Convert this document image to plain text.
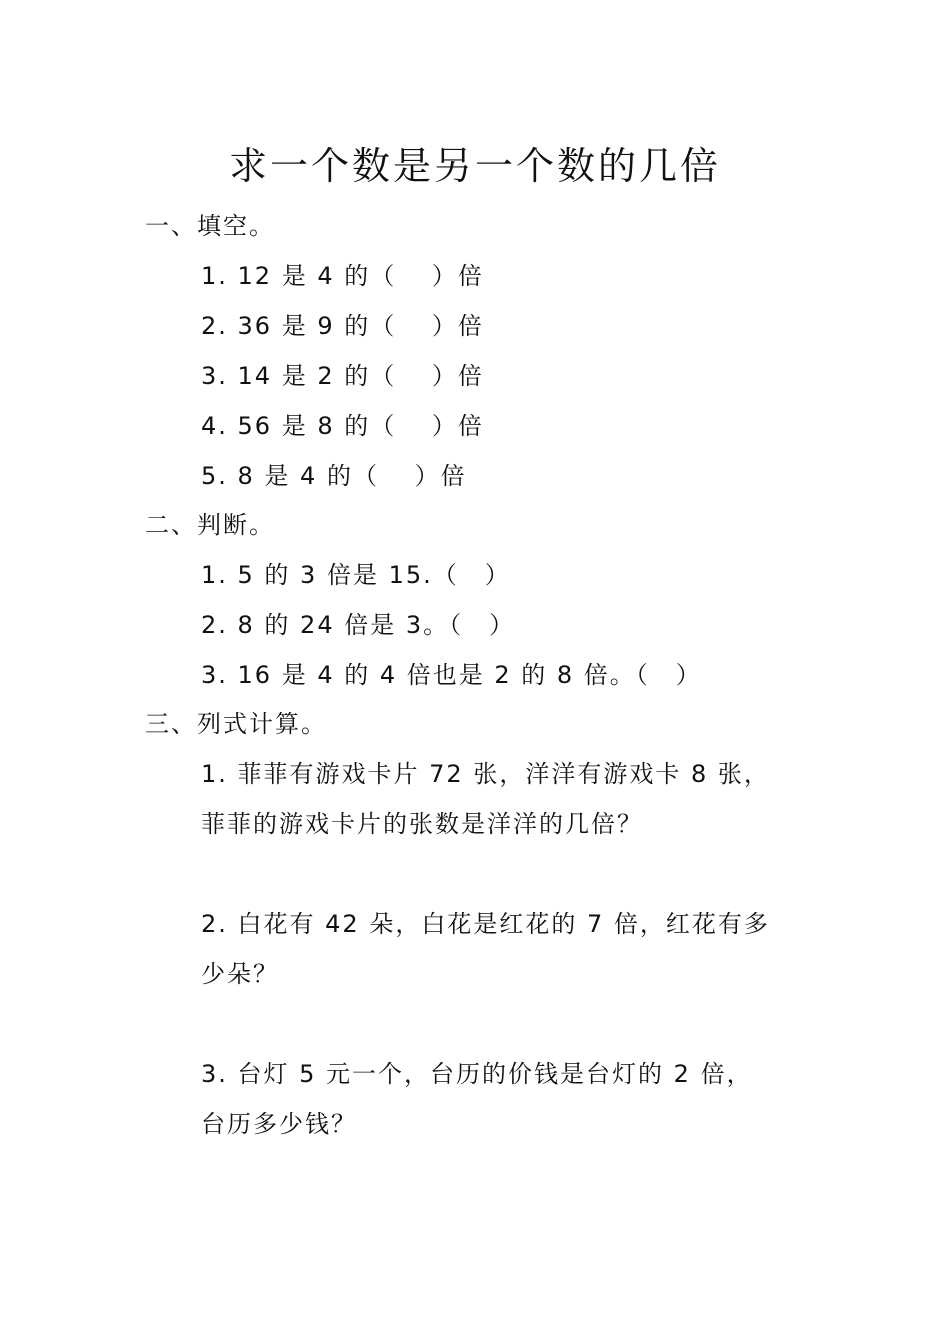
求一个数是另一个数的几倍
一、填空。
1. 12 是 4 的（　 ）倍
2. 36 是 9 的（　 ）倍
3. 14 是 2 的（　 ）倍
4. 56 是 8 的（　 ）倍
5. 8 是 4 的（　 ）倍
二、判断。
1. 5 的 3 倍是 15.（　）
2. 8 的 24 倍是 3。（　）
3. 16 是 4 的 4 倍也是 2 的 8 倍。（　）
三、列式计算。
1. 菲菲有游戏卡片 72 张，洋洋有游戏卡 8 张，
菲菲的游戏卡片的张数是洋洋的几倍？
2. 白花有 42 朵，白花是红花的 7 倍，红花有多
少朵？
3. 台灯 5 元一个，台历的价钱是台灯的 2 倍，
台历多少钱？
